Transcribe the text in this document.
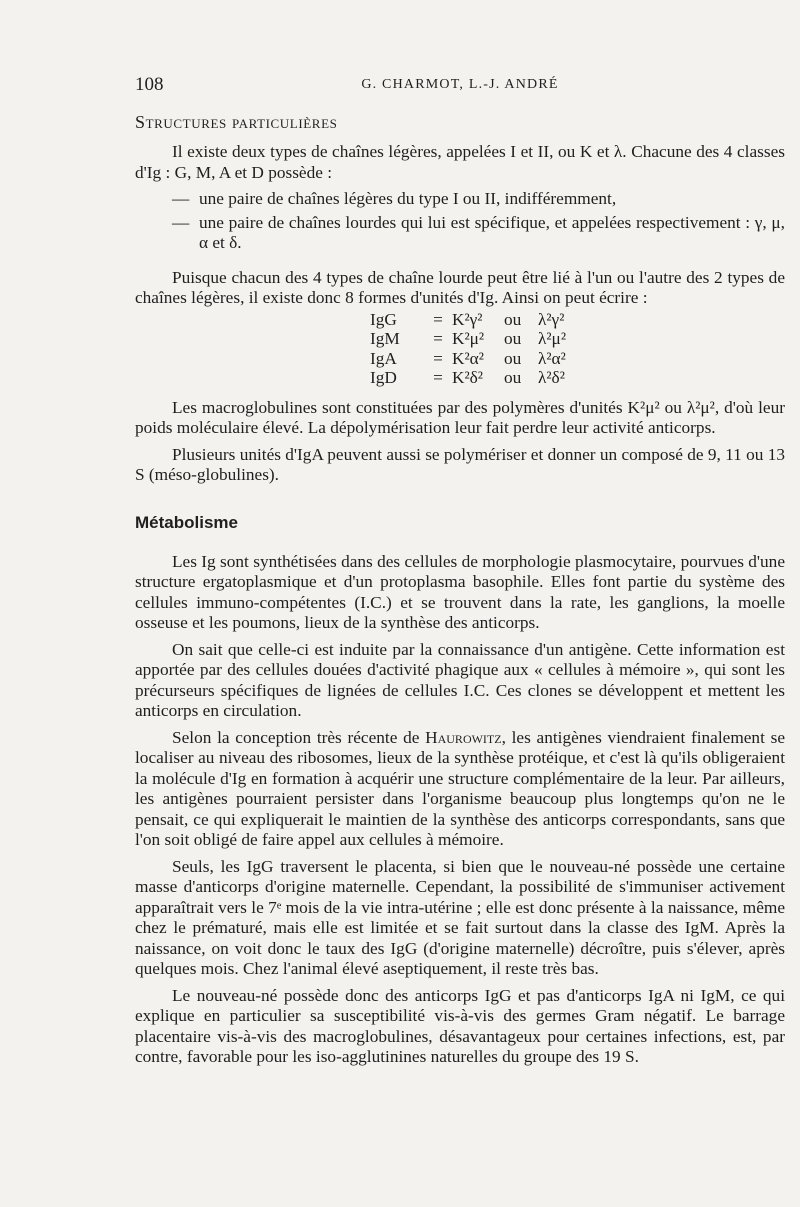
108	G. CHARMOT, L.-J. ANDRÉ
Structures particulières

Il existe deux types de chaînes légères, appelées I et II, ou K et λ. Chacune des 4 classes d'Ig : G, M, A et D possède :

— une paire de chaînes légères du type I ou II, indifféremment,
— une paire de chaînes lourdes qui lui est spécifique, et appelées respectivement : γ, μ, α et δ.

Puisque chacun des 4 types de chaîne lourde peut être lié à l'un ou l'autre des 2 types de chaînes légères, il existe donc 8 formes d'unités d'Ig. Ainsi on peut écrire :

IgG	= K²γ²	ou λ²γ²
IgM	= K²μ²	ou λ²μ²
IgA	= K²α²	ou λ²α²
IgD	= K²δ²	ou λ²δ²

Les macroglobulines sont constituées par des polymères d'unités K²μ² ou λ²μ², d'où leur poids moléculaire élevé. La dépolymérisation leur fait perdre leur activité anticorps.

Plusieurs unités d'IgA peuvent aussi se polymériser et donner un composé de 9, 11 ou 13 S (méso-globulines).

Métabolisme

Les Ig sont synthétisées dans des cellules de morphologie plasmocytaire, pourvues d'une structure ergatoplasmique et d'un protoplasma basophile. Elles font partie du système des cellules immuno-compétentes (I.C.) et se trouvent dans la rate, les ganglions, la moelle osseuse et les poumons, lieux de la synthèse des anticorps.

On sait que celle-ci est induite par la connaissance d'un antigène. Cette information est apportée par des cellules douées d'activité phagique aux « cellules à mémoire », qui sont les précurseurs spécifiques de lignées de cellules I.C. Ces clones se développent et mettent les anticorps en circulation.

Selon la conception très récente de Haurowitz, les antigènes viendraient finalement se localiser au niveau des ribosomes, lieux de la synthèse protéique, et c'est là qu'ils obligeraient la molécule d'Ig en formation à acquérir une structure complémentaire de la leur. Par ailleurs, les antigènes pourraient persister dans l'organisme beaucoup plus longtemps qu'on ne le pensait, ce qui expliquerait le maintien de la synthèse des anticorps correspondants, sans que l'on soit obligé de faire appel aux cellules à mémoire.

Seuls, les IgG traversent le placenta, si bien que le nouveau-né possède une certaine masse d'anticorps d'origine maternelle. Cependant, la possibilité de s'immuniser activement apparaîtrait vers le 7ᵉ mois de la vie intra-utérine ; elle est donc présente à la naissance, même chez le prématuré, mais elle est limitée et se fait surtout dans la classe des IgM. Après la naissance, on voit donc le taux des IgG (d'origine maternelle) décroître, puis s'élever, après quelques mois. Chez l'animal élevé aseptiquement, il reste très bas.

Le nouveau-né possède donc des anticorps IgG et pas d'anticorps IgA ni IgM, ce qui explique en particulier sa susceptibilité vis-à-vis des germes Gram négatif. Le barrage placentaire vis-à-vis des macroglobulines, désavantageux pour certaines infections, est, par contre, favorable pour les iso-agglutinines naturelles du groupe des 19 S.
